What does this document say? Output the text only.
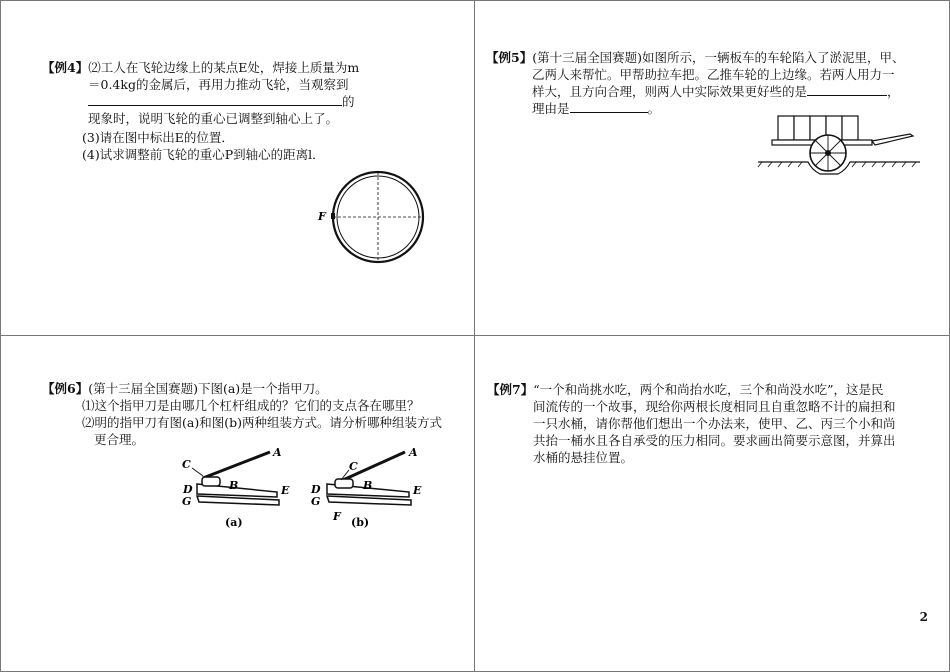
【例4】⑵工人在飞轮边缘上的某点E处，焊接上质量为m
＝0.4kg的金属后，再用力推动飞轮，当观察到
的
现象时，说明飞轮的重心已调整到轴心上了。
(3)请在图中标出E的位置．
(4)试求调整前飞轮的重心P到轴心的距离l．
F
【例5】(第十三届全国赛题)如图所示，一辆板车的车轮陷入了淤泥里，甲、
乙两人来帮忙。甲帮助拉车把。乙推车轮的上边缘。若两人用力一
样大，且方向合理，则两人中实际效果更好些的是	，
理由是	。
【例6】(第十三届全国赛题)下图(a)是一个指甲刀。
⑴这个指甲刀是由哪几个杠杆组成的？它们的支点各在哪里？
⑵明的指甲刀有图(a)和图(b)两种组装方式。请分析哪种组装方式
更合理。
A
B
C
D	E
G
(a)
A
B
C
D	E
F
G
(b)
【例7】“一个和尚挑水吃，两个和尚抬水吃，三个和尚没水吃”，这是民
间流传的一个故事，现给你两根长度相同且自重忽略不计的扁担和
一只水桶，请你帮他们想出一个办法来，使甲、乙、丙三个小和尚
共抬一桶水且各自承受的压力相同。要求画出简要示意图，并算出
水桶的悬挂位置。
2
